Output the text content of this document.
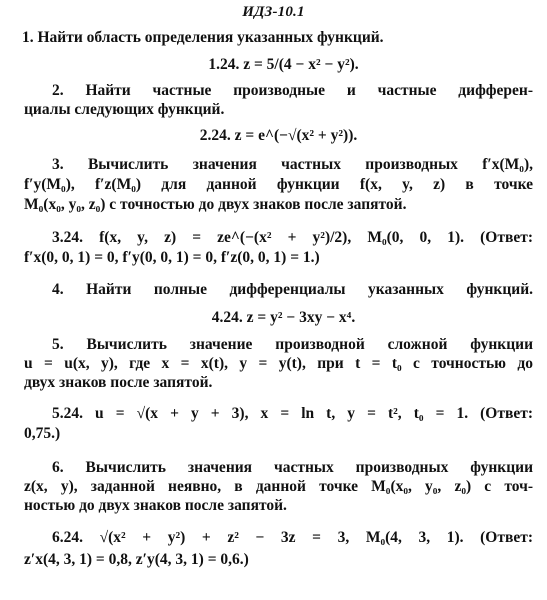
ИДЗ-10.1
1. Найти область определения указанных функций.
1.24. z = 5/(4 − x² − y²).
2. Найти частные производные и частные дифферен-
циалы следующих функций.
2.24. z = e^(−√(x² + y²)).
3. Вычислить значения частных производных f′x(M₀),
f′y(M₀), f′z(M₀) для данной функции f(x, y, z) в точке
M₀(x₀, y₀, z₀) с точностью до двух знаков после запятой.
3.24. f(x, y, z) = ze^(−(x² + y²)/2), M₀(0, 0, 1). (Ответ:
f′x(0, 0, 1) = 0, f′y(0, 0, 1) = 0, f′z(0, 0, 1) = 1.)
4. Найти полные дифференциалы указанных функций.
4.24. z = y² − 3xy − x⁴.
5. Вычислить значение производной сложной функции
u = u(x, y), где x = x(t), y = y(t), при t = t₀ с точностью до
двух знаков после запятой.
5.24. u = √(x + y + 3), x = ln t, y = t², t₀ = 1. (Ответ:
0,75.)
6. Вычислить значения частных производных функции
z(x, y), заданной неявно, в данной точке M₀(x₀, y₀, z₀) с точ-
ностью до двух знаков после запятой.
6.24. √(x² + y²) + z² − 3z = 3, M₀(4, 3, 1). (Ответ:
z′x(4, 3, 1) = 0,8, z′y(4, 3, 1) = 0,6.)
